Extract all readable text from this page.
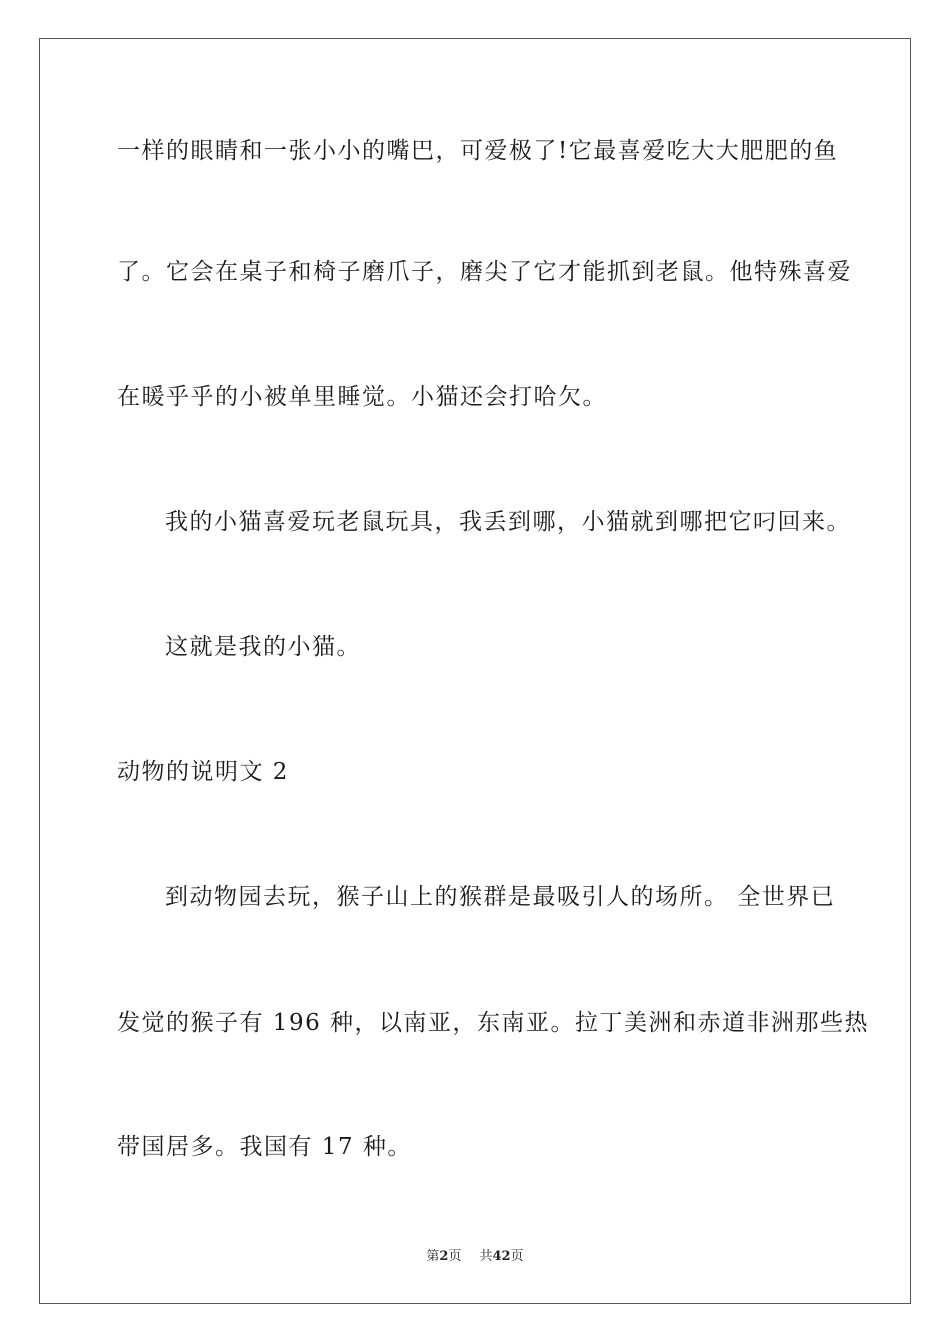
一样的眼睛和一张小小的嘴巴，可爱极了!它最喜爱吃大大肥肥的鱼
了。它会在桌子和椅子磨爪子，磨尖了它才能抓到老鼠。他特殊喜爱
在暖乎乎的小被单里睡觉。小猫还会打哈欠。
我的小猫喜爱玩老鼠玩具，我丢到哪，小猫就到哪把它叼回来。
这就是我的小猫。
动物的说明文 2
到动物园去玩，猴子山上的猴群是最吸引人的场所。 全世界已
发觉的猴子有 196 种，以南亚，东南亚。拉丁美洲和赤道非洲那些热
带国居多。我国有 17 种。
第2页 共42页
